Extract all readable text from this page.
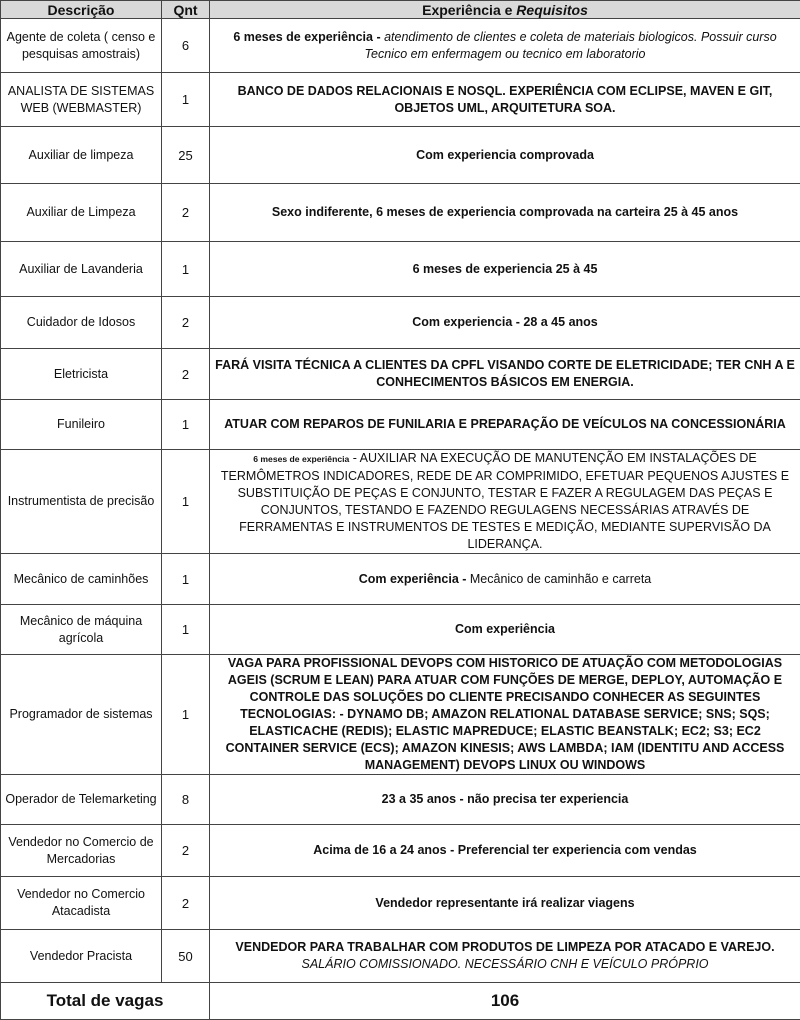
Descrição	Qnt	Experiência e Requisitos
Agente de coleta ( censo e pesquisas amostrais)	6	6 meses de experiência - atendimento de clientes e coleta de materiais biologicos. Possuir curso Tecnico em enfermagem ou tecnico em laboratorio
ANALISTA DE SISTEMAS WEB (WEBMASTER)	1	BANCO DE DADOS RELACIONAIS E NOSQL. EXPERIÊNCIA COM ECLIPSE, MAVEN E GIT, OBJETOS UML, ARQUITETURA SOA.
Auxiliar de limpeza	25	Com experiencia comprovada
Auxiliar de Limpeza	2	Sexo indiferente, 6 meses de experiencia comprovada na carteira 25 à 45 anos
Auxiliar de Lavanderia	1	6 meses de experiencia 25 à 45
Cuidador de Idosos	2	Com experiencia - 28 a 45 anos
Eletricista	2	FARÁ VISITA TÉCNICA A CLIENTES DA CPFL VISANDO CORTE DE ELETRICIDADE; TER CNH A E CONHECIMENTOS BÁSICOS EM ENERGIA.
Funileiro	1	ATUAR COM REPAROS DE FUNILARIA E PREPARAÇÃO DE VEÍCULOS NA CONCESSIONÁRIA
Instrumentista de precisão	1	6 meses de experiência - AUXILIAR NA EXECUÇÃO DE MANUTENÇÃO EM INSTALAÇÕES DE TERMÔMETROS INDICADORES, REDE DE AR COMPRIMIDO, EFETUAR PEQUENOS AJUSTES E SUBSTITUIÇÃO DE PEÇAS E CONJUNTO, TESTAR E FAZER A REGULAGEM DAS PEÇAS E CONJUNTOS, TESTANDO E FAZENDO REGULAGENS NECESSÁRIAS ATRAVÉS DE FERRAMENTAS E INSTRUMENTOS DE TESTES E MEDIÇÃO, MEDIANTE SUPERVISÃO DA LIDERANÇA.
Mecânico de caminhões	1	Com experiência - Mecânico de caminhão e carreta
Mecânico de máquina agrícola	1	Com experiência
Programador de sistemas	1	VAGA PARA PROFISSIONAL DEVOPS COM HISTORICO DE ATUAÇÃO COM METODOLOGIAS AGEIS (SCRUM E LEAN) PARA ATUAR COM FUNÇÕES DE MERGE, DEPLOY, AUTOMAÇÃO E CONTROLE DAS SOLUÇÕES DO CLIENTE PRECISANDO CONHECER AS SEGUINTES TECNOLOGIAS: - DYNAMO DB; AMAZON RELATIONAL DATABASE SERVICE; SNS; SQS; ELASTICACHE (REDIS); ELASTIC MAPREDUCE; ELASTIC BEANSTALK; EC2; S3; EC2 CONTAINER SERVICE (ECS); AMAZON KINESIS; AWS LAMBDA; IAM (IDENTITU AND ACCESS MANAGEMENT) DEVOPS LINUX OU WINDOWS
Operador de Telemarketing	8	23 a 35 anos - não precisa ter experiencia
Vendedor no Comercio de Mercadorias	2	Acima de 16 a 24 anos - Preferencial ter experiencia com vendas
Vendedor no Comercio Atacadista	2	Vendedor representante irá realizar viagens
Vendedor Pracista	50	VENDEDOR PARA TRABALHAR COM PRODUTOS DE LIMPEZA POR ATACADO E VAREJO. SALÁRIO COMISSIONADO. NECESSÁRIO CNH E VEÍCULO PRÓPRIO
Total de vagas		106
